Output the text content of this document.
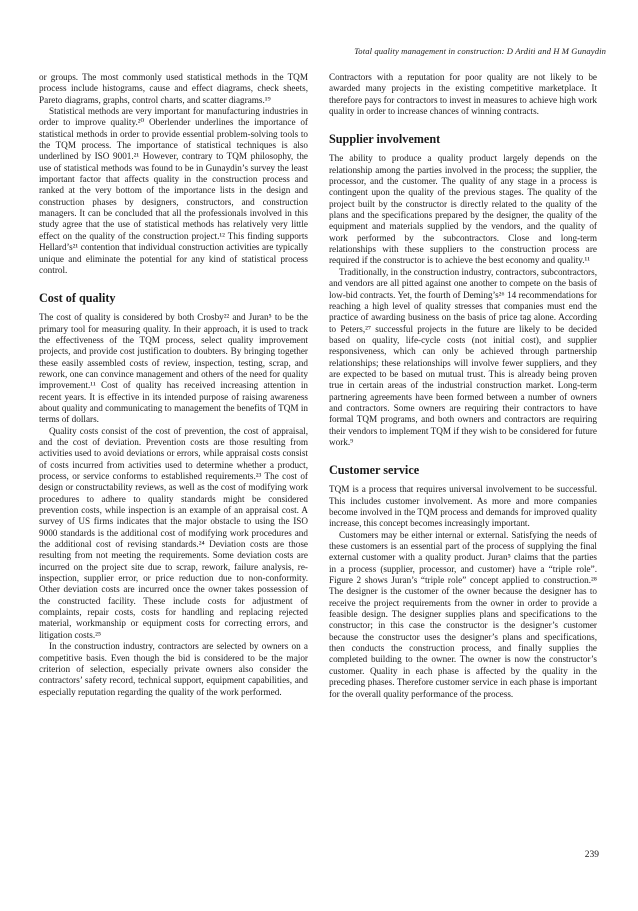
Total quality management in construction: D Arditi and H M Gunaydin

or groups. The most commonly used statistical methods in the TQM process include histograms, cause and effect diagrams, check sheets, Pareto diagrams, graphs, control charts, and scatter diagrams.¹⁹

Statistical methods are very important for manufacturing industries in order to improve quality.²⁰ Oberlender underlines the importance of statistical methods in order to provide essential problem-solving tools to the TQM process. The importance of statistical techniques is also underlined by ISO 9001.²¹ However, contrary to TQM philosophy, the use of statistical methods was found to be in Gunaydin’s survey the least important factor that affects quality in the construction process and ranked at the very bottom of the importance lists in the design and construction phases by designers, constructors, and construction managers. It can be concluded that all the professionals involved in this study agree that the use of statistical methods has relatively very little effect on the quality of the construction project.¹² This finding supports Hellard’s²¹ contention that individual construction activities are typically unique and eliminate the potential for any kind of statistical process control.

Cost of quality

The cost of quality is considered by both Crosby²² and Juran⁵ to be the primary tool for measuring quality. In their approach, it is used to track the effectiveness of the TQM process, select quality improvement projects, and provide cost justification to doubters. By bringing together these easily assembled costs of review, inspection, testing, scrap, and rework, one can convince management and others of the need for quality improvement.¹¹ Cost of quality has received increasing attention in recent years. It is effective in its intended purpose of raising awareness about quality and communicating to management the benefits of TQM in terms of dollars.

Quality costs consist of the cost of prevention, the cost of appraisal, and the cost of deviation. Prevention costs are those resulting from activities used to avoid deviations or errors, while appraisal costs consist of costs incurred from activities used to determine whether a product, process, or service conforms to established requirements.²³ The cost of design or constructability reviews, as well as the cost of modifying work procedures to adhere to quality standards might be considered prevention costs, while inspection is an example of an appraisal cost. A survey of US firms indicates that the major obstacle to using the ISO 9000 standards is the additional cost of modifying work procedures and the additional cost of revising standards.²⁴ Deviation costs are those resulting from not meeting the requirements. Some deviation costs are incurred on the project site due to scrap, rework, failure analysis, re-inspection, supplier error, or price reduction due to non-conformity. Other deviation costs are incurred once the owner takes possession of the constructed facility. These include costs for adjustment of complaints, repair costs, costs for handling and replacing rejected material, workmanship or equipment costs for correcting errors, and litigation costs.²⁵

In the construction industry, contractors are selected by owners on a competitive basis. Even though the bid is considered to be the major criterion of selection, especially private owners also consider the contractors’ safety record, technical support, equipment capabilities, and especially reputation regarding the quality of the work performed.

Contractors with a reputation for poor quality are not likely to be awarded many projects in the existing competitive marketplace. It therefore pays for contractors to invest in measures to achieve high work quality in order to increase chances of winning contracts.

Supplier involvement

The ability to produce a quality product largely depends on the relationship among the parties involved in the process; the supplier, the processor, and the customer. The quality of any stage in a process is contingent upon the quality of the previous stages. The quality of the project built by the constructor is directly related to the quality of the plans and the specifications prepared by the designer, the quality of the equipment and materials supplied by the vendors, and the quality of work performed by the subcontractors. Close and long-term relationships with these suppliers to the construction process are required if the constructor is to achieve the best economy and quality.¹¹

Traditionally, in the construction industry, contractors, subcontractors, and vendors are all pitted against one another to compete on the basis of low-bid contracts. Yet, the fourth of Deming’s²⁶ 14 recommendations for reaching a high level of quality stresses that companies must end the practice of awarding business on the basis of price tag alone. According to Peters,²⁷ successful projects in the future are likely to be decided based on quality, life-cycle costs (not initial cost), and supplier responsiveness, which can only be achieved through partnership relationships; these relationships will involve fewer suppliers, and they are expected to be based on mutual trust. This is already being proven true in certain areas of the industrial construction market. Long-term partnering agreements have been formed between a number of owners and contractors. Some owners are requiring their contractors to have formal TQM programs, and both owners and contractors are requiring their vendors to implement TQM if they wish to be considered for future work.⁹

Customer service

TQM is a process that requires universal involvement to be successful. This includes customer involvement. As more and more companies become involved in the TQM process and demands for improved quality increase, this concept becomes increasingly important.

Customers may be either internal or external. Satisfying the needs of these customers is an essential part of the process of supplying the final external customer with a quality product. Juran⁵ claims that the parties in a process (supplier, processor, and customer) have a “triple role”. Figure 2 shows Juran’s “triple role” concept applied to construction.²⁸ The designer is the customer of the owner because the designer has to receive the project requirements from the owner in order to provide a feasible design. The designer supplies plans and specifications to the constructor; in this case the constructor is the designer’s customer because the constructor uses the designer’s plans and specifications, then conducts the construction process, and finally supplies the completed building to the owner. The owner is now the constructor’s customer. Quality in each phase is affected by the quality in the preceding phases. Therefore customer service in each phase is important for the overall quality performance of the process.

239
